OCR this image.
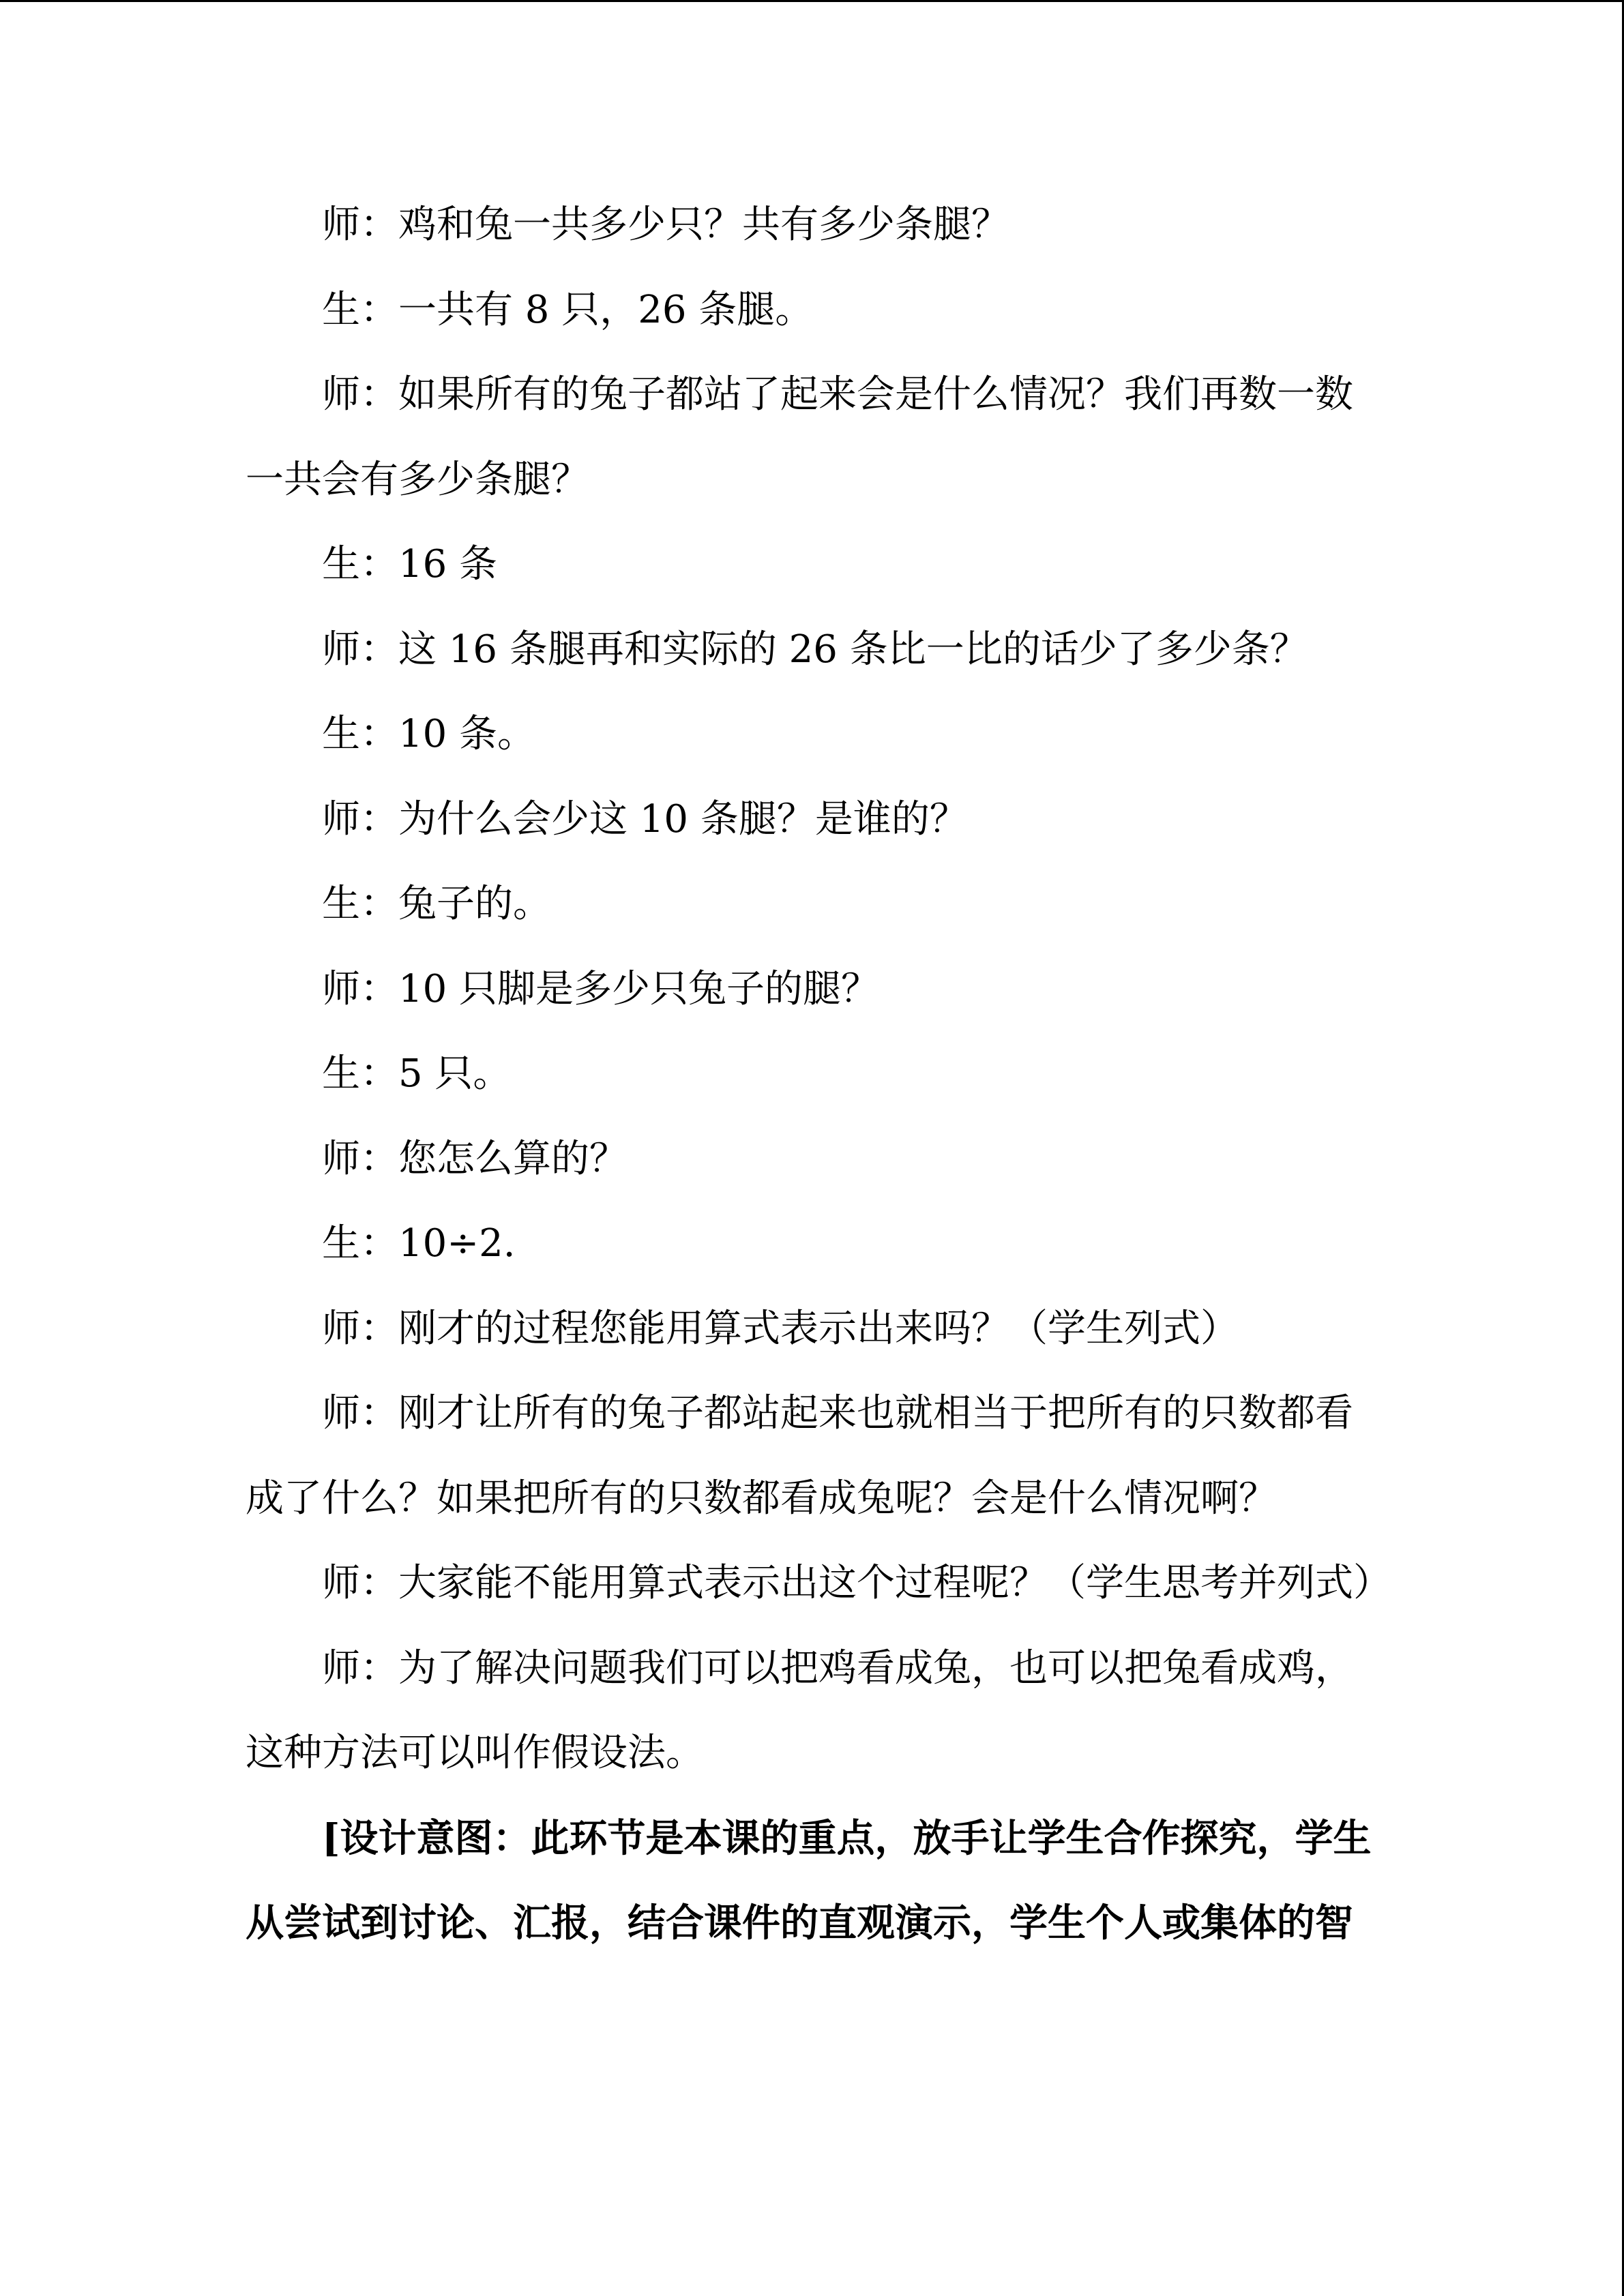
师：鸡和兔一共多少只？共有多少条腿？

生：一共有 8 只，26 条腿。

师：如果所有的兔子都站了起来会是什么情况？我们再数一数一共会有多少条腿？

生：16 条

师：这 16 条腿再和实际的 26 条比一比的话少了多少条？

生：10 条。

师：为什么会少这 10 条腿？是谁的？

生：兔子的。

师：10 只脚是多少只兔子的腿？

生：5 只。

师：您怎么算的？

生：10÷2.

师：刚才的过程您能用算式表示出来吗？（学生列式）

师：刚才让所有的兔子都站起来也就相当于把所有的只数都看成了什么？如果把所有的只数都看成兔呢？会是什么情况啊？

师：大家能不能用算式表示出这个过程呢？（学生思考并列式）

师：为了解决问题我们可以把鸡看成兔，也可以把兔看成鸡，这种方法可以叫作假设法。

[设计意图：此环节是本课的重点，放手让学生合作探究，学生从尝试到讨论、汇报，结合课件的直观演示，学生个人或集体的智
